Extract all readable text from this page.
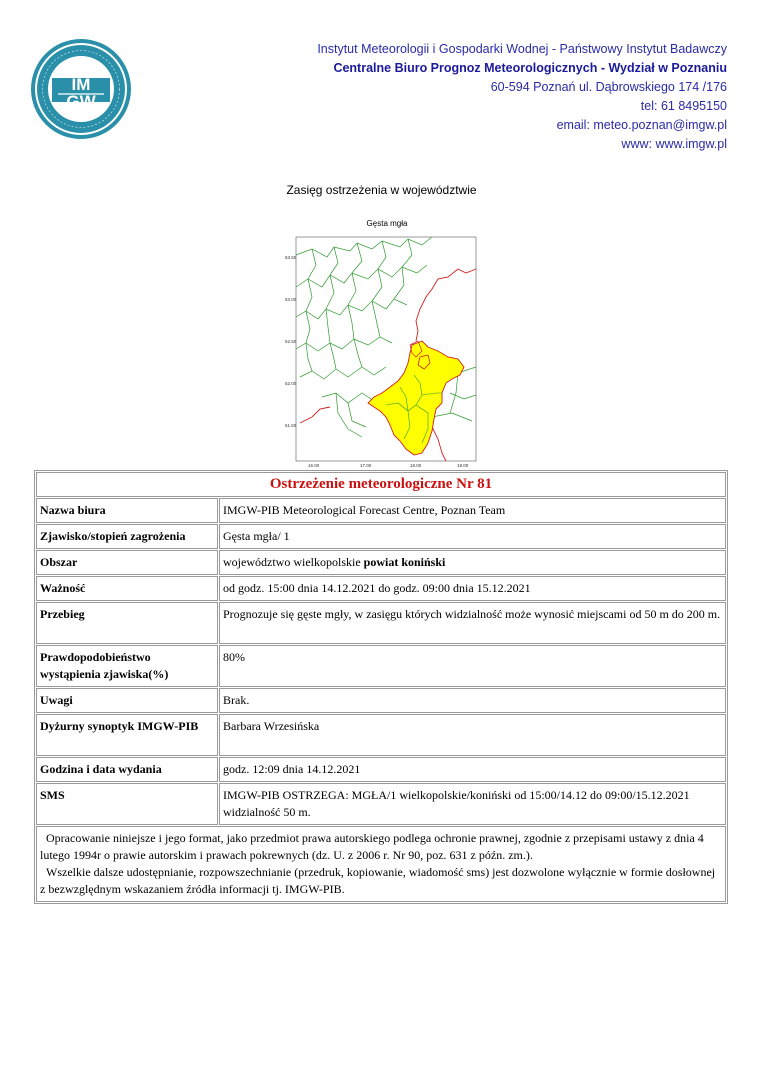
IM
GW
Instytut Meteorologii i Gospodarki Wodnej - Państwowy Instytut Badawczy
Centralne Biuro Prognoz Meteorologicznych - Wydział w Poznaniu
60-594 Poznań ul. Dąbrowskiego 174 /176
tel: 61 8495150
email: meteo.poznan@imgw.pl
www: www.imgw.pl
Zasięg ostrzeżenia w województwie
Gęsta mgła
53.50
53.00
52.50
52.00
51.50
16.00	17.00	18.00	19.00
Ostrzeżenie meteorologiczne Nr 81	
Nazwa biura	IMGW-PIB Meteorological Forecast Centre, Poznan Team
Zjawisko/stopień zagrożenia	Gęsta mgła/ 1
Obszar	województwo wielkopolskie powiat koniński
Ważność	od godz. 15:00 dnia 14.12.2021 do godz. 09:00 dnia 15.12.2021
Przebieg	Prognozuje się gęste mgły, w zasięgu których widzialność może wynosić miejscami od 50 m do 200 m.
Prawdopodobieństwo wystąpienia zjawiska(%)	80%
Uwagi	Brak.
Dyżurny synoptyk IMGW-PIB	Barbara Wrzesińska
Godzina i data wydania	godz. 12:09 dnia 14.12.2021
SMS	IMGW-PIB OSTRZEGA: MGŁA/1 wielkopolskie/koniński od 15:00/14.12 do 09:00/15.12.2021 widzialność 50 m.

Opracowanie niniejsze i jego format, jako przedmiot prawa autorskiego podlega ochronie prawnej, zgodnie z przepisami ustawy z dnia 4 lutego 1994r o prawie autorskim i prawach pokrewnych (dz. U. z 2006 r. Nr 90, poz. 631 z późn. zm.).

Wszelkie dalsze udostępnianie, rozpowszechnianie (przedruk, kopiowanie, wiadomość sms) jest dozwolone wyłącznie w formie dosłownej z bezwzględnym wskazaniem źródła informacji tj. IMGW-PIB.	
